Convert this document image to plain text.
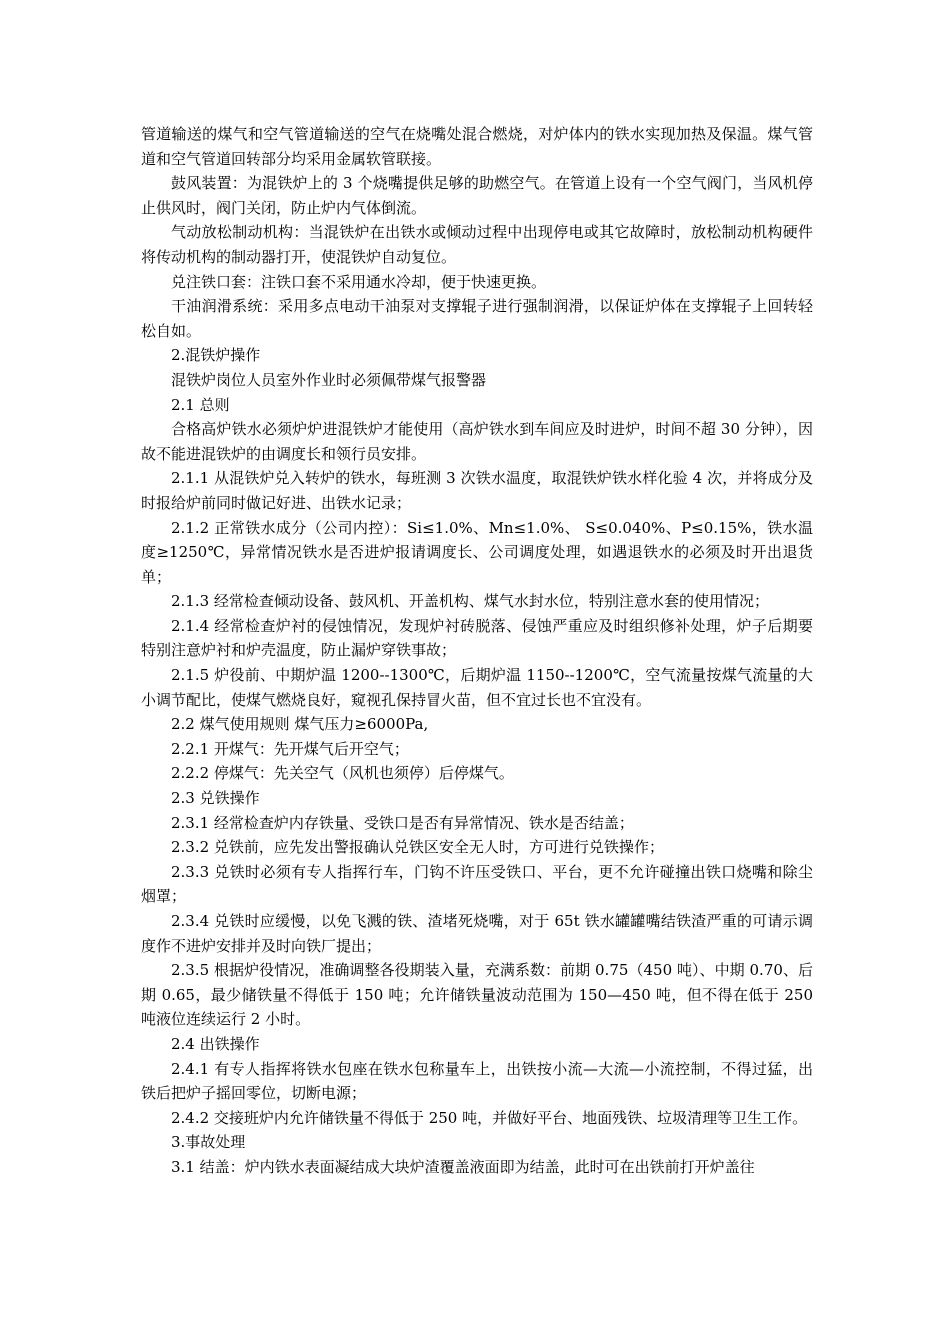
管道输送的煤气和空气管道输送的空气在烧嘴处混合燃烧，对炉体内的铁水实现加热及保温。煤气管道和空气管道回转部分均采用金属软管联接。

鼓风装置：为混铁炉上的 3 个烧嘴提供足够的助燃空气。在管道上设有一个空气阀门，当风机停止供风时，阀门关闭，防止炉内气体倒流。

气动放松制动机构：当混铁炉在出铁水或倾动过程中出现停电或其它故障时，放松制动机构硬件将传动机构的制动器打开，使混铁炉自动复位。

兑注铁口套：注铁口套不采用通水冷却，便于快速更换。

干油润滑系统：采用多点电动干油泵对支撑辊子进行强制润滑，以保证炉体在支撑辊子上回转轻松自如。

2.混铁炉操作

混铁炉岗位人员室外作业时必须佩带煤气报警器

2.1 总则

合格高炉铁水必须炉炉进混铁炉才能使用（高炉铁水到车间应及时进炉，时间不超 30 分钟），因故不能进混铁炉的由调度长和领行员安排。

2.1.1 从混铁炉兑入转炉的铁水，每班测 3 次铁水温度，取混铁炉铁水样化验 4 次，并将成分及时报给炉前同时做记好进、出铁水记录；

2.1.2 正常铁水成分（公司内控）：Si≤1.0%、Mn≤1.0%、 S≤0.040%、P≤0.15%，铁水温度≥1250℃，异常情况铁水是否进炉报请调度长、公司调度处理，如遇退铁水的必须及时开出退货单；

2.1.3 经常检查倾动设备、鼓风机、开盖机构、煤气水封水位，特别注意水套的使用情况；

2.1.4 经常检查炉衬的侵蚀情况，发现炉衬砖脱落、侵蚀严重应及时组织修补处理，炉子后期要特别注意炉衬和炉壳温度，防止漏炉穿铁事故；

2.1.5 炉役前、中期炉温 1200--1300℃，后期炉温 1150--1200℃，空气流量按煤气流量的大小调节配比，使煤气燃烧良好，窥视孔保持冒火苗，但不宜过长也不宜没有。

2.2 煤气使用规则 煤气压力≥6000Pa,

2.2.1 开煤气：先开煤气后开空气；

2.2.2 停煤气：先关空气（风机也须停）后停煤气。

2.3 兑铁操作

2.3.1 经常检查炉内存铁量、受铁口是否有异常情况、铁水是否结盖；

2.3.2 兑铁前，应先发出警报确认兑铁区安全无人时，方可进行兑铁操作；

2.3.3 兑铁时必须有专人指挥行车，门钩不许压受铁口、平台，更不允许碰撞出铁口烧嘴和除尘烟罩；

2.3.4 兑铁时应缓慢，以免飞溅的铁、渣堵死烧嘴，对于 65t 铁水罐罐嘴结铁渣严重的可请示调度作不进炉安排并及时向铁厂提出；

2.3.5 根据炉役情况，准确调整各役期装入量，充满系数：前期 0.75（450 吨）、中期 0.70、后期 0.65，最少储铁量不得低于 150 吨；允许储铁量波动范围为 150—450 吨，但不得在低于 250 吨液位连续运行 2 小时。

2.4 出铁操作

2.4.1 有专人指挥将铁水包座在铁水包称量车上，出铁按小流—大流—小流控制，不得过猛，出铁后把炉子摇回零位，切断电源；

2.4.2 交接班炉内允许储铁量不得低于 250 吨，并做好平台、地面残铁、垃圾清理等卫生工作。

3.事故处理

3.1 结盖：炉内铁水表面凝结成大块炉渣覆盖液面即为结盖，此时可在出铁前打开炉盖往
